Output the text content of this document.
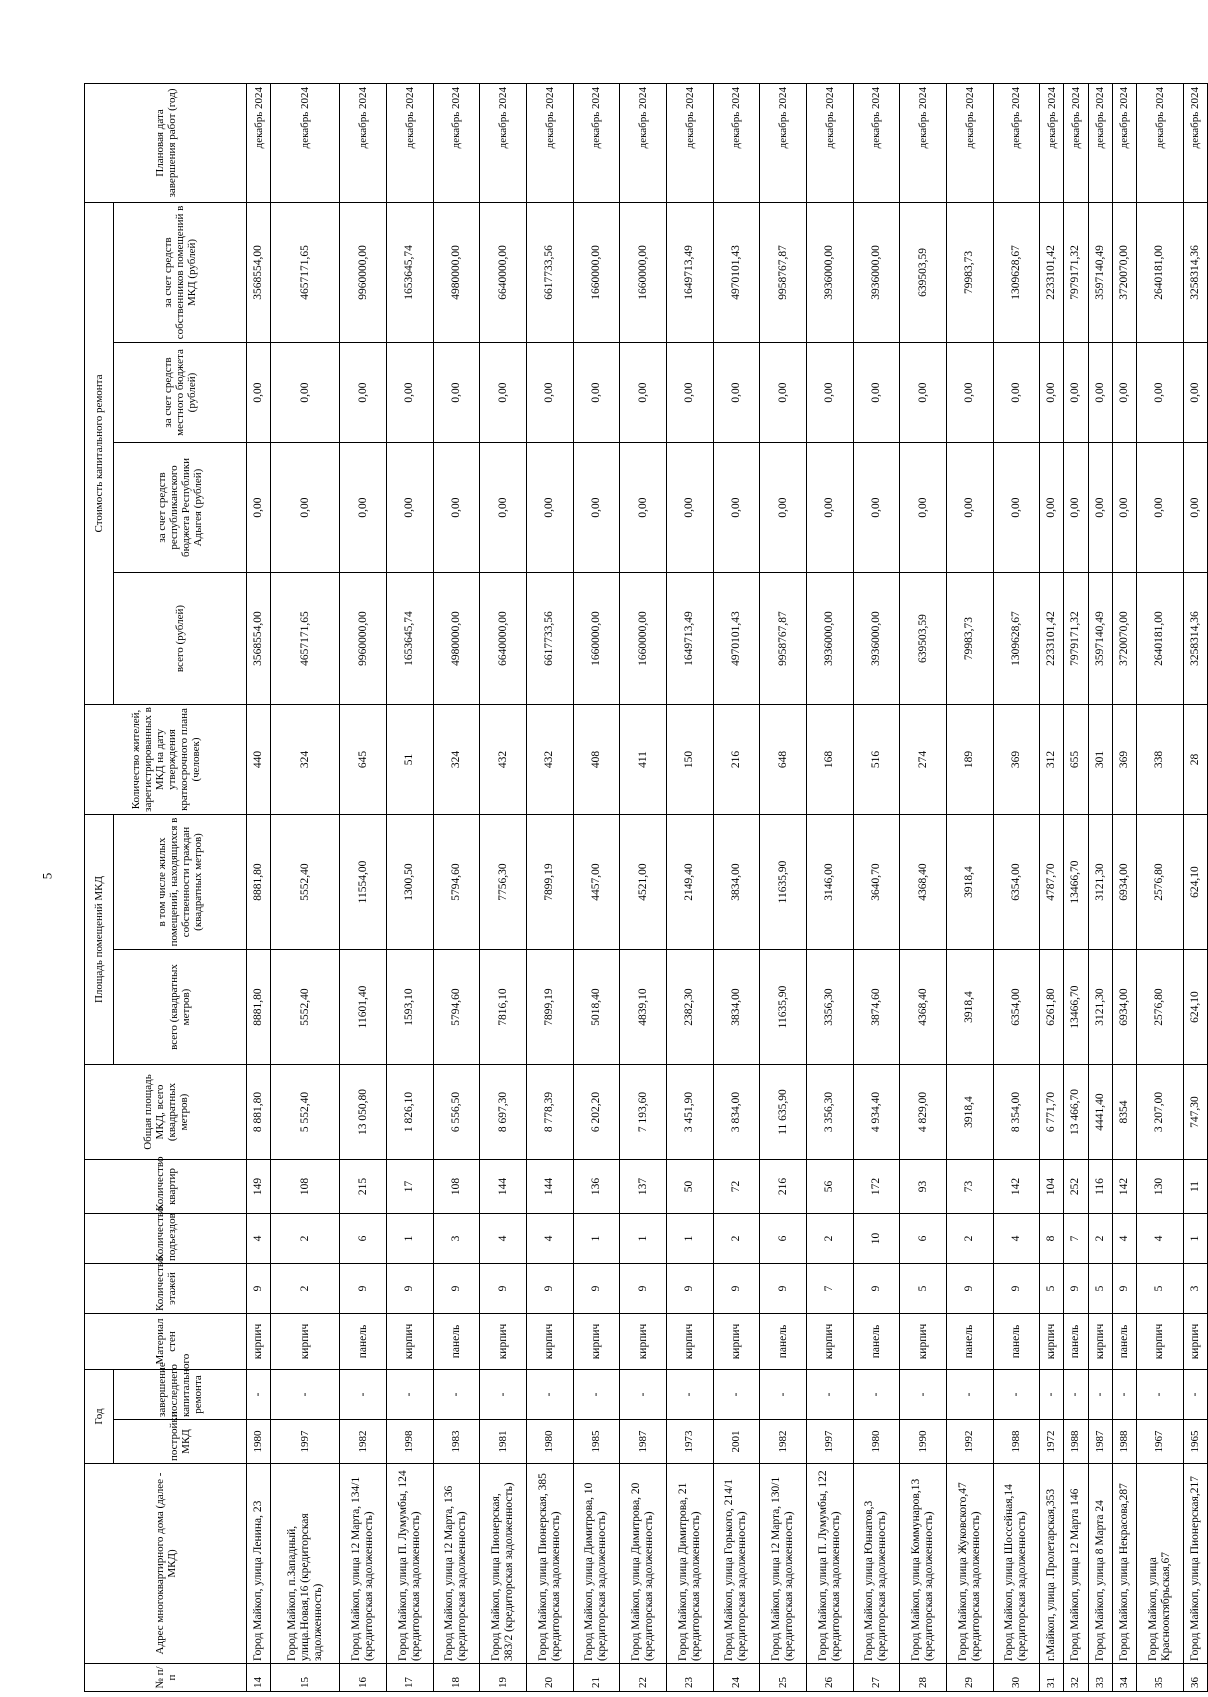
5
№ п/п	Адрес многоквартирного дома (далее - МКД)	Год		Материал стен	Количество этажей	Количество подъездов	Количество квартир	Общая площадь МКД, всего (квадратных метров)	Площадь помещений МКД		Количество жителей, зарегистрированных в МКД на дату утверждения краткосрочного плана (человек)	Стоимость капитального ремонта				Плановая дата завершения работ (год)
		постройки МКД	завершение последнего капитального ремонта						всего (квадратных метров)	в том числе жилых помещений, находящихся в собственности граждан (квадратных метров)		всего (рублей)	за счет средств республиканского бюджета Республики Адыгея (рублей)	за счет средств местного бюджета (рублей)	за счет средств собственников помещений в МКД (рублей)	
14	Город Майкоп, улица Ленина, 23	1980	-	кирпич	9	4	149	8 881,80	8881,80	8881,80	440	3568554,00	0,00	0,00	3568554,00	декабрь 2024
15	Город Майкоп, п.Западный, улица.Новая,16 (кредиторская задолженность)	1997	-	кирпич	2	2	108	5 552,40	5552,40	5552,40	324	4657171,65	0,00	0,00	4657171,65	декабрь 2024
16	Город Майкоп, улица 12 Марта, 134/1 (кредиторская задолженность)	1982	-	панель	9	6	215	13 050,80	11601,40	11554,00	645	9960000,00	0,00	0,00	9960000,00	декабрь 2024
17	Город Майкоп, улица П. Лумумбы, 124 (кредиторская задолженность)	1998	-	кирпич	9	1	17	1 826,10	1593,10	1300,50	51	1653645,74	0,00	0,00	1653645,74	декабрь 2024
18	Город Майкоп, улица 12 Марта, 136 (кредиторская задолженность)	1983	-	панель	9	3	108	6 556,50	5794,60	5794,60	324	4980000,00	0,00	0,00	4980000,00	декабрь 2024
19	Город Майкоп, улица Пионерская, 383/2 (кредиторская задолженность)	1981	-	кирпич	9	4	144	8 697,30	7816,10	7756,30	432	6640000,00	0,00	0,00	6640000,00	декабрь 2024
20	Город Майкоп, улица Пионерская, 385 (кредиторская задолженность)	1980	-	кирпич	9	4	144	8 778,39	7899,19	7899,19	432	6617733,56	0,00	0,00	6617733,56	декабрь 2024
21	Город Майкоп, улица Димитрова, 10 (кредиторская задолженность)	1985	-	кирпич	9	1	136	6 202,20	5018,40	4457,00	408	1660000,00	0,00	0,00	1660000,00	декабрь 2024
22	Город Майкоп, улица Димитрова, 20 (кредиторская задолженность)	1987	-	кирпич	9	1	137	7 193,60	4839,10	4521,00	411	1660000,00	0,00	0,00	1660000,00	декабрь 2024
23	Город Майкоп, улица Димитрова, 21 (кредиторская задолженность)	1973	-	кирпич	9	1	50	3 451,90	2382,30	2149,40	150	1649713,49	0,00	0,00	1649713,49	декабрь 2024
24	Город Майкоп, улица Горького, 214/1 (кредиторская задолженность)	2001	-	кирпич	9	2	72	3 834,00	3834,00	3834,00	216	4970101,43	0,00	0,00	4970101,43	декабрь 2024
25	Город Майкоп, улица 12 Марта, 130/1 (кредиторская задолженность)	1982	-	панель	9	6	216	11 635,90	11635,90	11635,90	648	9958767,87	0,00	0,00	9958767,87	декабрь 2024
26	Город Майкоп, улица П. Лумумбы, 122 (кредиторская задолженность)	1997	-	кирпич	7	2	56	3 356,30	3356,30	3146,00	168	3936000,00	0,00	0,00	3936000,00	декабрь 2024
27	Город Майкоп, улица Юннатов,3 (кредиторская задолженность)	1980	-	панель	9	10	172	4 934,40	3874,60	3640,70	516	3936000,00	0,00	0,00	3936000,00	декабрь 2024
28	Город Майкоп, улица Коммунаров,13 (кредиторская задолженность)	1990	-	кирпич	5	6	93	4 829,00	4368,40	4368,40	274	639503,59	0,00	0,00	639503,59	декабрь 2024
29	Город Майкоп, улица Жуковского,47 (кредиторская задолженность)	1992	-	панель	9	2	73	3918,4	3918,4	3918,4	189	79983,73	0,00	0,00	79983,73	декабрь 2024
30	Город Майкоп, улица Шоссейная,14 (кредиторская задолженность)	1988	-	панель	9	4	142	8 354,00	6354,00	6354,00	369	1309628,67	0,00	0,00	1309628,67	декабрь 2024
31	г.Майкоп, улица .Пролетарская,353	1972	-	кирпич	5	8	104	6 771,70	6261,80	4787,70	312	2233101,42	0,00	0,00	2233101,42	декабрь 2024
32	Город Майкоп, улица 12 Марта 146	1988	-	панель	9	7	252	13 466,70	13466,70	13466,70	655	7979171,32	0,00	0,00	7979171,32	декабрь 2024
33	Город Майкоп, улица 8 Марта 24	1987	-	кирпич	5	2	116	4441,40	3121,30	3121,30	301	3597140,49	0,00	0,00	3597140,49	декабрь 2024
34	Город Майкоп, улица Некрасова,287	1988	-	панель	9	4	142	8354	6934,00	6934,00	369	3720070,00	0,00	0,00	3720070,00	декабрь 2024
35	Город Майкоп, улица Краснооктябрьская,67	1967	-	кирпич	5	4	130	3 207,00	2576,80	2576,80	338	2640181,00	0,00	0,00	2640181,00	декабрь 2024
36	Город Майкоп, улица Пионерская,217	1965	-	кирпич	3	1	11	747,30	624,10	624,10	28	3258314,36	0,00	0,00	3258314,36	декабрь 2024
